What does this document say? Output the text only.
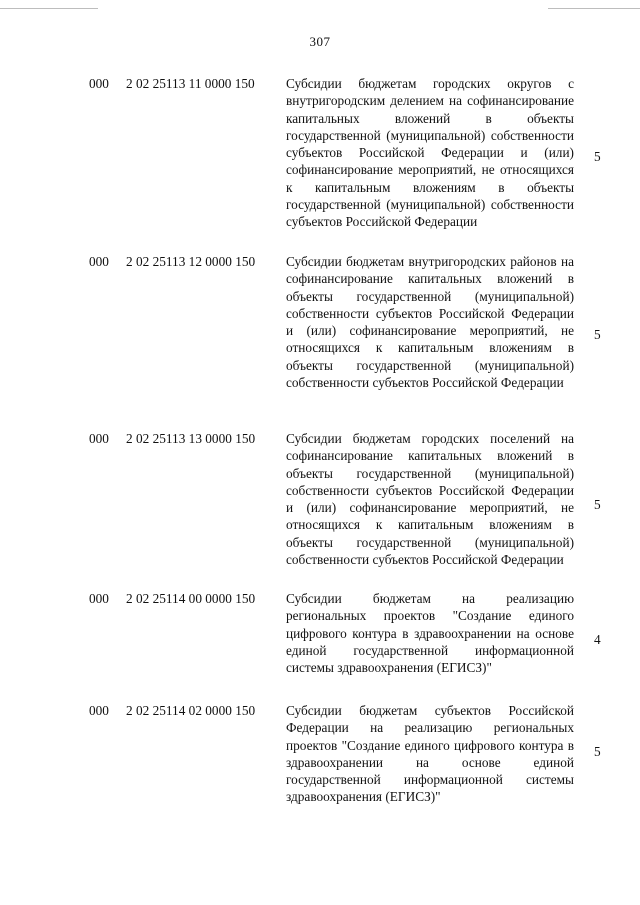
307
000 2 02 25113 11 0000 150 Субсидии бюджетам городских округов с внутригородским делением на софинансирование капитальных вложений в объекты государственной (муниципальной) собственности субъектов Российской Федерации и (или) софинансирование мероприятий, не относящихся к капитальным вложениям в объекты государственной (муниципальной) собственности субъектов Российской Федерации

5
000 2 02 25113 12 0000 150 Субсидии бюджетам внутригородских районов на софинансирование капитальных вложений в объекты государственной (муниципальной) собственности субъектов Российской Федерации и (или) софинансирование мероприятий, не относящихся к капитальным вложениям в объекты государственной (муниципальной) собственности субъектов Российской Федерации

5
000 2 02 25113 13 0000 150 Субсидии бюджетам городских поселений на софинансирование капитальных вложений в объекты государственной (муниципальной) собственности субъектов Российской Федерации и (или) софинансирование мероприятий, не относящихся к капитальным вложениям в объекты государственной (муниципальной) собственности субъектов Российской Федерации

5
000 2 02 25114 00 0000 150 Субсидии бюджетам на реализацию региональных проектов "Создание единого цифрового контура в здравоохранении на основе единой государственной информационной системы здравоохранения (ЕГИСЗ)"

4
000 2 02 25114 02 0000 150 Субсидии бюджетам субъектов Российской Федерации на реализацию региональных проектов "Создание единого цифрового контура в здравоохранении на основе единой государственной информационной системы здравоохранения (ЕГИСЗ)"

5
